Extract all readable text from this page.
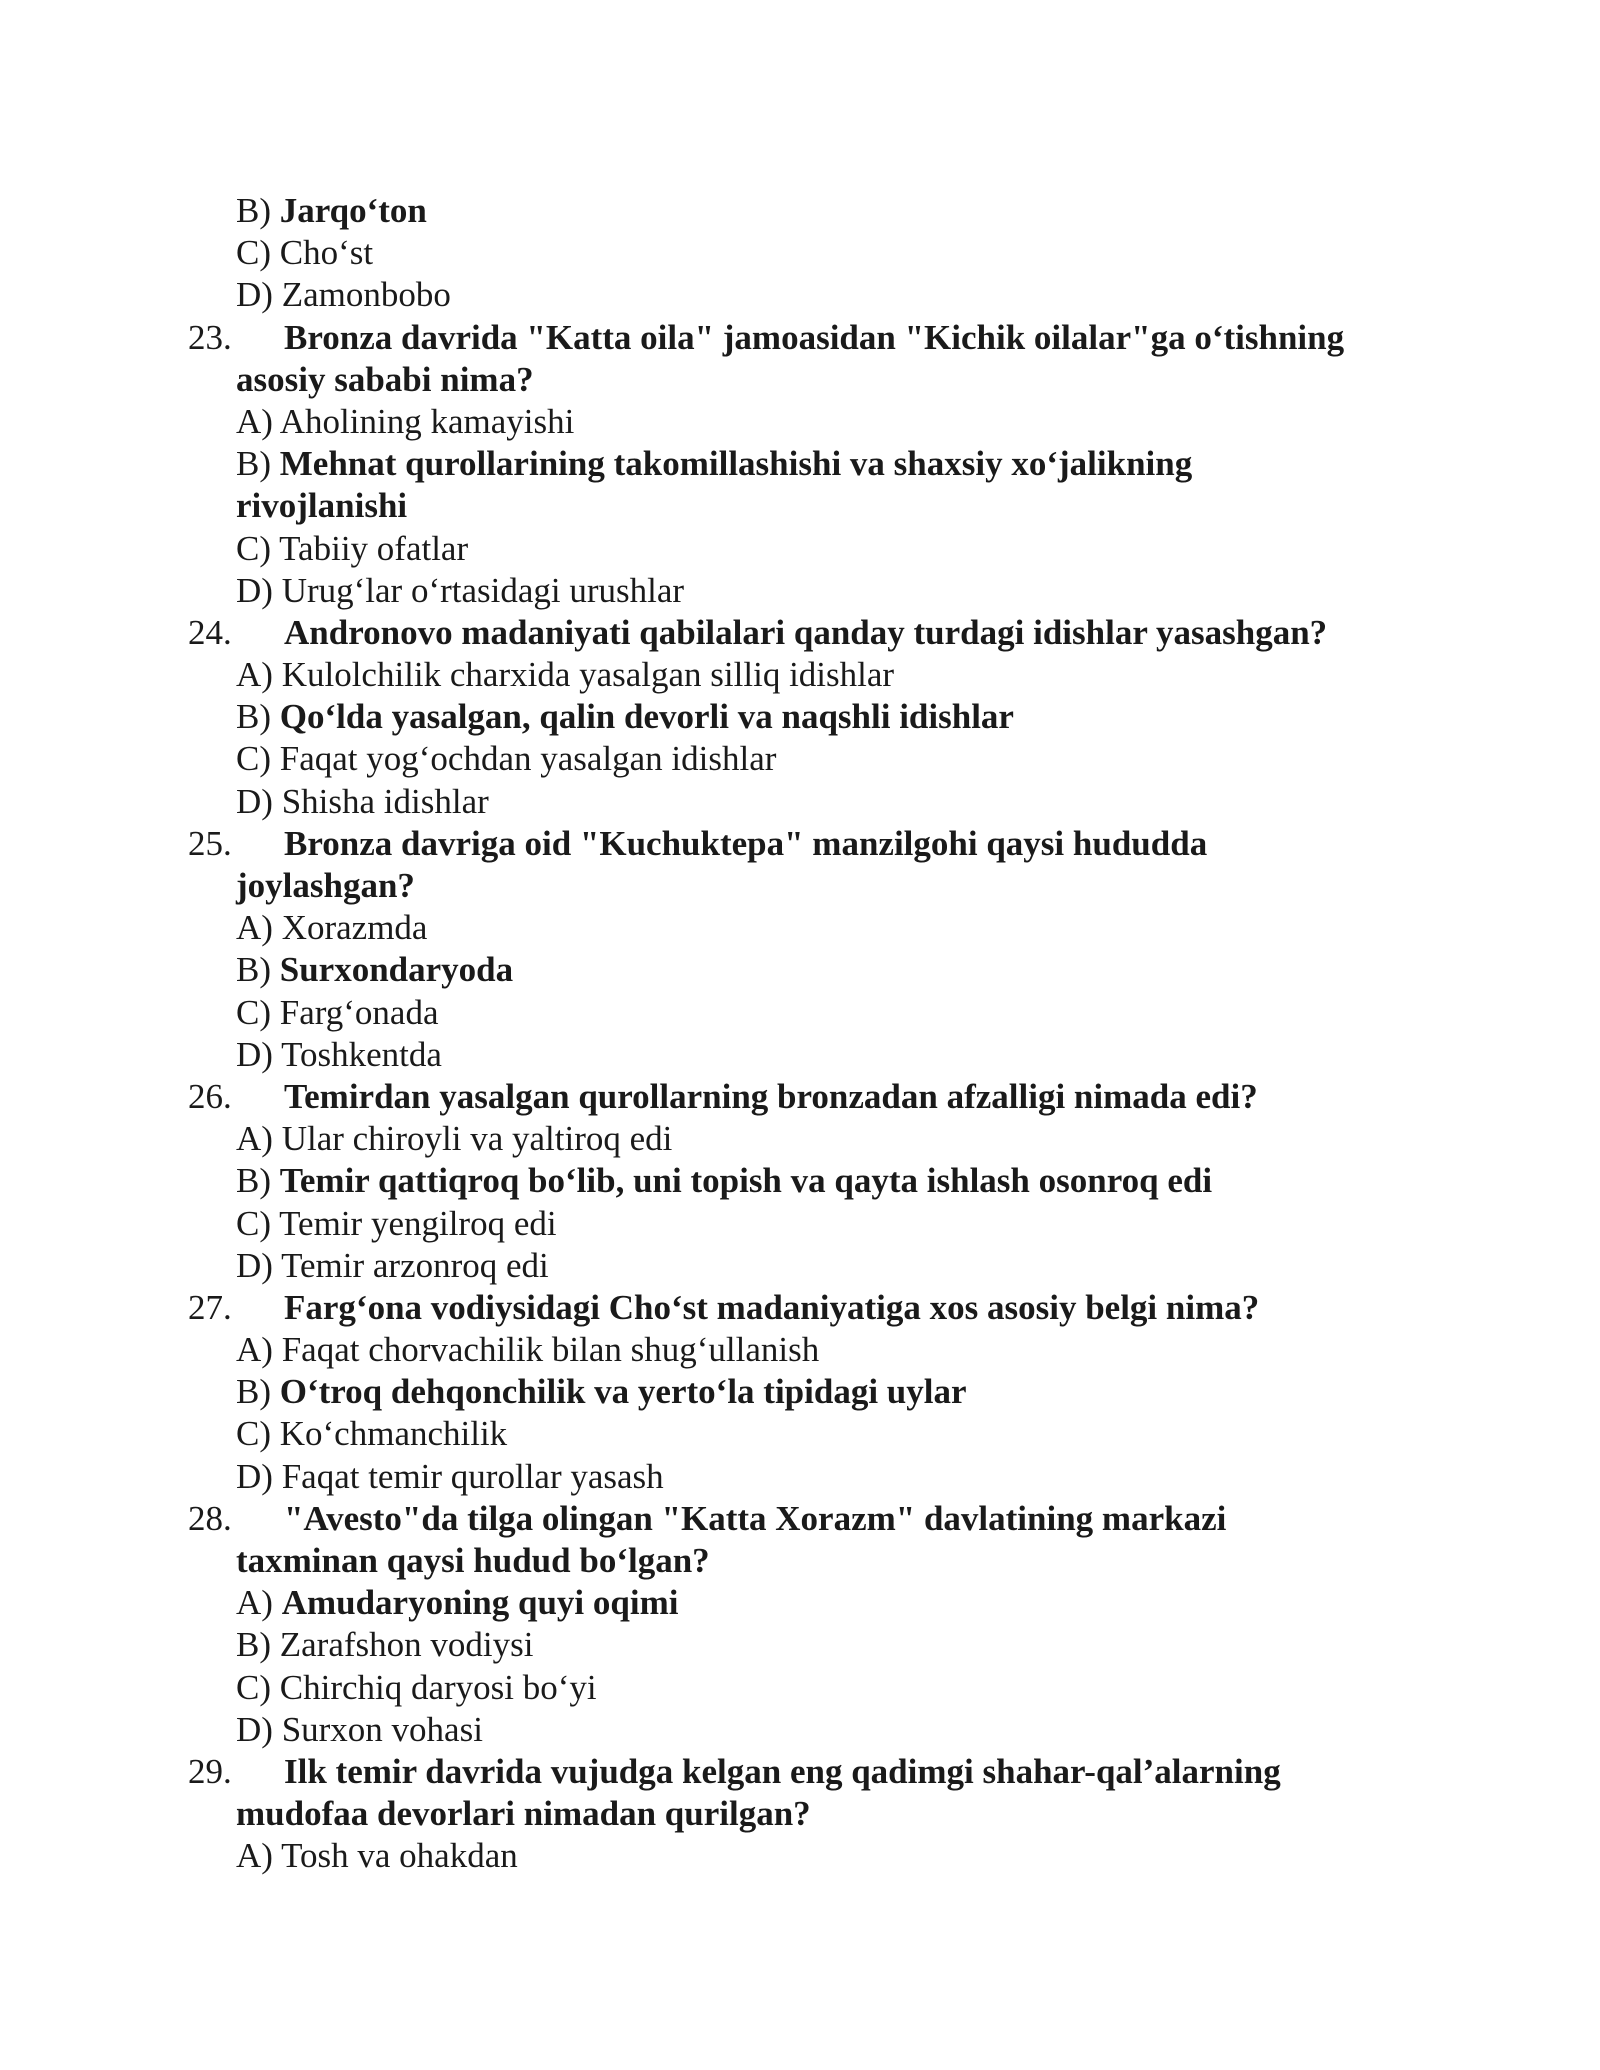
B) Jarqo‘ton
C) Cho‘st
D) Zamonbobo
23. Bronza davrida "Katta oila" jamoasidan "Kichik oilalar"ga o‘tishning
asosiy sababi nima?
A) Aholining kamayishi
B) Mehnat qurollarining takomillashishi va shaxsiy xo‘jalikning
rivojlanishi
C) Tabiiy ofatlar
D) Urug‘lar o‘rtasidagi urushlar
24. Andronovo madaniyati qabilalari qanday turdagi idishlar yasashgan?
A) Kulolchilik charxida yasalgan silliq idishlar
B) Qo‘lda yasalgan, qalin devorli va naqshli idishlar
C) Faqat yog‘ochdan yasalgan idishlar
D) Shisha idishlar
25. Bronza davriga oid "Kuchuktepa" manzilgohi qaysi hududda
joylashgan?
A) Xorazmda
B) Surxondaryoda
C) Farg‘onada
D) Toshkentda
26. Temirdan yasalgan qurollarning bronzadan afzalligi nimada edi?
A) Ular chiroyli va yaltiroq edi
B) Temir qattiqroq bo‘lib, uni topish va qayta ishlash osonroq edi
C) Temir yengilroq edi
D) Temir arzonroq edi
27. Farg‘ona vodiysidagi Cho‘st madaniyatiga xos asosiy belgi nima?
A) Faqat chorvachilik bilan shug‘ullanish
B) O‘troq dehqonchilik va yerto‘la tipidagi uylar
C) Ko‘chmanchilik
D) Faqat temir qurollar yasash
28. "Avesto"da tilga olingan "Katta Xorazm" davlatining markazi
taxminan qaysi hudud bo‘lgan?
A) Amudaryoning quyi oqimi
B) Zarafshon vodiysi
C) Chirchiq daryosi bo‘yi
D) Surxon vohasi
29. Ilk temir davrida vujudga kelgan eng qadimgi shahar-qal’alarning
mudofaa devorlari nimadan qurilgan?
A) Tosh va ohakdan
